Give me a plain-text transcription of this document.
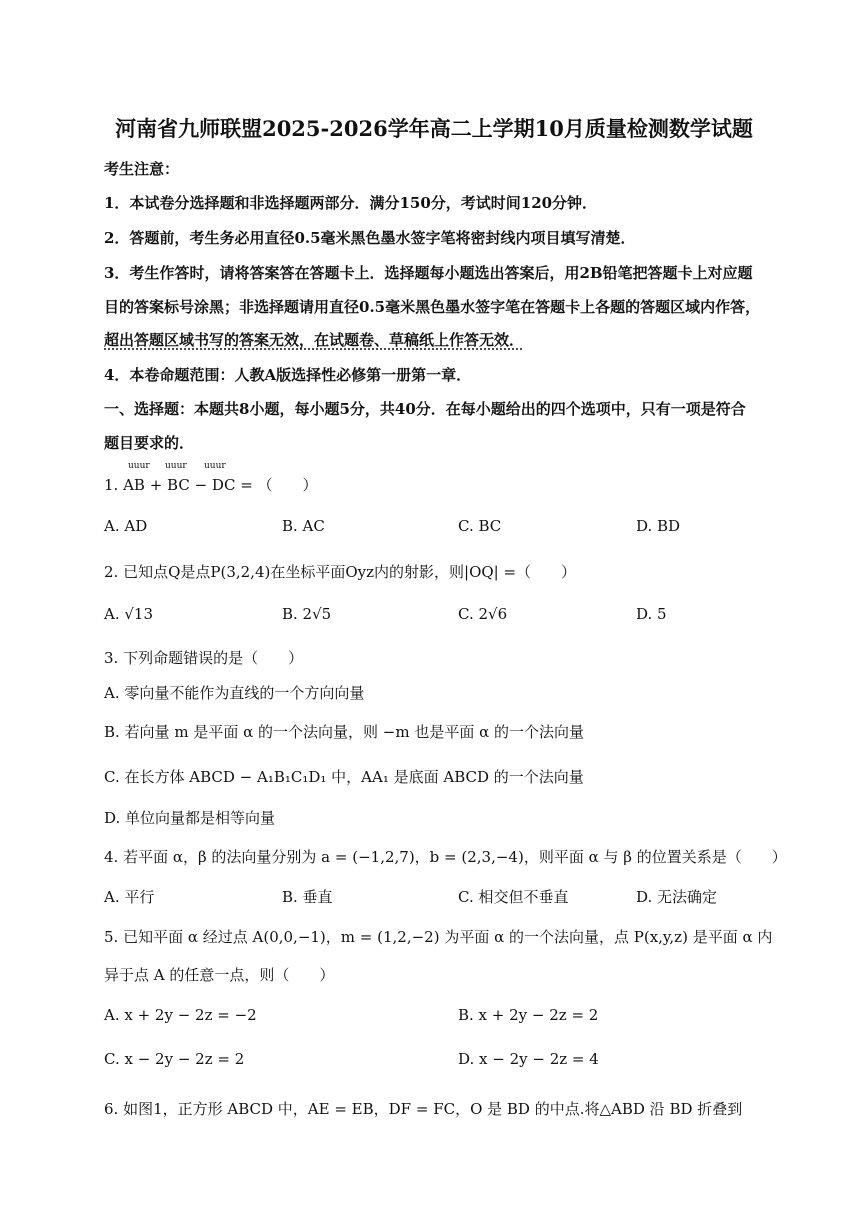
河南省九师联盟2025-2026学年高二上学期10月质量检测数学试题
考生注意：
1．本试卷分选择题和非选择题两部分．满分150分，考试时间120分钟．
2．答题前，考生务必用直径0.5毫米黑色墨水签字笔将密封线内项目填写清楚．
3．考生作答时，请将答案答在答题卡上．选择题每小题选出答案后，用2B铅笔把答题卡上对应题
目的答案标号涂黑；非选择题请用直径0.5毫米黑色墨水签字笔在答题卡上各题的答题区域内作答，
超出答题区域书写的答案无效，在试题卷、草稿纸上作答无效．
4．本卷命题范围：人教A版选择性必修第一册第一章．
一、选择题：本题共8小题，每小题5分，共40分．在每小题给出的四个选项中，只有一项是符合
题目要求的．
uuur uuur uuur
1. AB + BC − DC = （　　）
A. AD	B. AC	C. BC	D. BD
2. 已知点Q是点P(3,2,4)在坐标平面Oyz内的射影，则|OQ| =（　　）
A. √13	B. 2√5	C. 2√6	D. 5
3. 下列命题错误的是（　　）
A. 零向量不能作为直线的一个方向向量
B. 若向量 m 是平面 α 的一个法向量，则 −m 也是平面 α 的一个法向量
C. 在长方体 ABCD − A₁B₁C₁D₁ 中，AA₁ 是底面 ABCD 的一个法向量
D. 单位向量都是相等向量
4. 若平面 α，β 的法向量分别为 a = (−1,2,7)，b = (2,3,−4)，则平面 α 与 β 的位置关系是（　　）
A. 平行	B. 垂直	C. 相交但不垂直	D. 无法确定
5. 已知平面 α 经过点 A(0,0,−1)，m = (1,2,−2) 为平面 α 的一个法向量，点 P(x,y,z) 是平面 α 内
异于点 A 的任意一点，则（　　）
A. x + 2y − 2z = −2	B. x + 2y − 2z = 2
C. x − 2y − 2z = 2	D. x − 2y − 2z = 4
6. 如图1，正方形 ABCD 中，AE = EB，DF = FC，O 是 BD 的中点.将△ABD 沿 BD 折叠到
